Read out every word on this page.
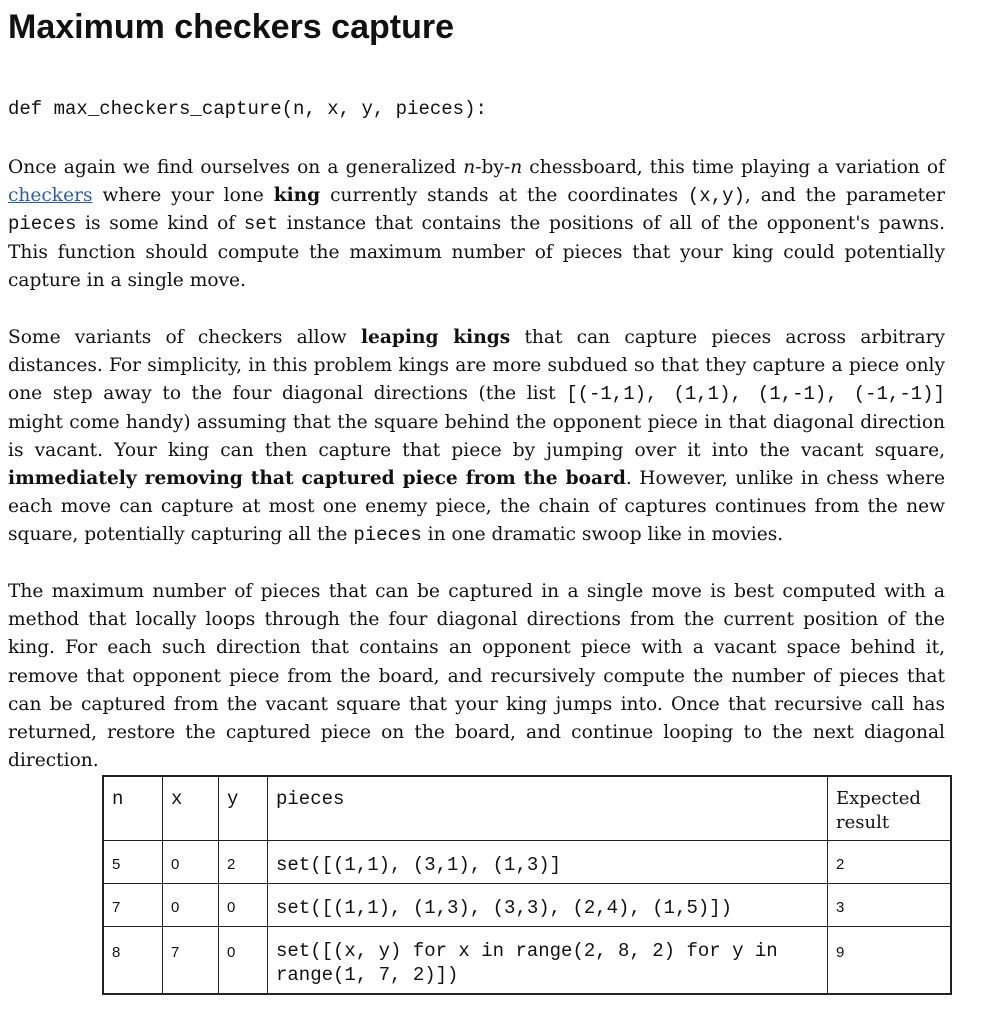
Maximum checkers capture
def max_checkers_capture(n, x, y, pieces):

Once again we find ourselves on a generalized n-by-n chessboard, this time playing a variation of checkers where your lone king currently stands at the coordinates (x,y), and the parameter pieces is some kind of set instance that contains the positions of all of the opponent's pawns. This function should compute the maximum number of pieces that your king could potentially capture in a single move.

Some variants of checkers allow leaping kings that can capture pieces across arbitrary distances. For simplicity, in this problem kings are more subdued so that they capture a piece only one step away to the four diagonal directions (the list [(-1,1), (1,1), (1,-1), (-1,-1)] might come handy) assuming that the square behind the opponent piece in that diagonal direction is vacant. Your king can then capture that piece by jumping over it into the vacant square, immediately removing that captured piece from the board. However, unlike in chess where each move can capture at most one enemy piece, the chain of captures continues from the new square, potentially capturing all the pieces in one dramatic swoop like in movies.

The maximum number of pieces that can be captured in a single move is best computed with a method that locally loops through the four diagonal directions from the current position of the king. For each such direction that contains an opponent piece with a vacant space behind it, remove that opponent piece from the board, and recursively compute the number of pieces that can be captured from the vacant square that your king jumps into. Once that recursive call has returned, restore the captured piece on the board, and continue looping to the next diagonal direction.

n	x	y	pieces	Expected result
5	0	2	set([(1,1), (3,1), (1,3)]	2
7	0	0	set([(1,1), (1,3), (3,3), (2,4), (1,5)])	3
8	7	0	set([(x, y) for x in range(2, 8, 2) for y in range(1, 7, 2)])	9
